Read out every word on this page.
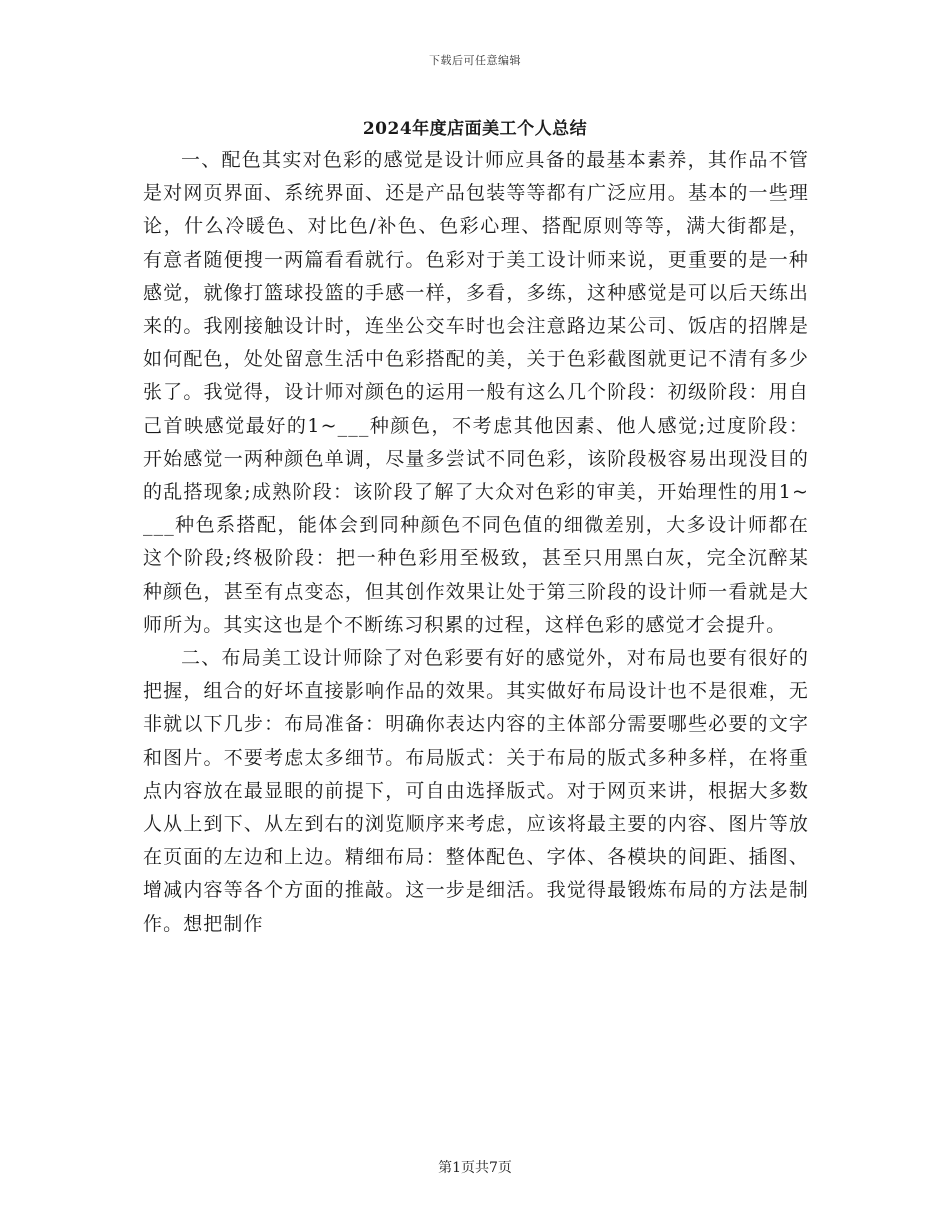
下载后可任意编辑
2024年度店面美工个人总结

一、配色其实对色彩的感觉是设计师应具备的最基本素养，其作品不管是对网页界面、系统界面、还是产品包装等等都有广泛应用。基本的一些理论，什么冷暖色、对比色/补色、色彩心理、搭配原则等等，满大街都是，有意者随便搜一两篇看看就行。色彩对于美工设计师来说，更重要的是一种感觉，就像打篮球投篮的手感一样，多看，多练，这种感觉是可以后天练出来的。我刚接触设计时，连坐公交车时也会注意路边某公司、饭店的招牌是如何配色，处处留意生活中色彩搭配的美，关于色彩截图就更记不清有多少张了。我觉得，设计师对颜色的运用一般有这么几个阶段：初级阶段：用自己首映感觉最好的1~___种颜色，不考虑其他因素、他人感觉;过度阶段：开始感觉一两种颜色单调，尽量多尝试不同色彩，该阶段极容易出现没目的的乱搭现象;成熟阶段：该阶段了解了大众对色彩的审美，开始理性的用1~___种色系搭配，能体会到同种颜色不同色值的细微差别，大多设计师都在这个阶段;终极阶段：把一种色彩用至极致，甚至只用黑白灰，完全沉醉某种颜色，甚至有点变态，但其创作效果让处于第三阶段的设计师一看就是大师所为。其实这也是个不断练习积累的过程，这样色彩的感觉才会提升。

二、布局美工设计师除了对色彩要有好的感觉外，对布局也要有很好的把握，组合的好坏直接影响作品的效果。其实做好布局设计也不是很难，无非就以下几步：布局准备：明确你表达内容的主体部分需要哪些必要的文字和图片。不要考虑太多细节。布局版式：关于布局的版式多种多样，在将重点内容放在最显眼的前提下，可自由选择版式。对于网页来讲，根据大多数人从上到下、从左到右的浏览顺序来考虑，应该将最主要的内容、图片等放在页面的左边和上边。精细布局：整体配色、字体、各模块的间距、插图、增减内容等各个方面的推敲。这一步是细活。我觉得最锻炼布局的方法是制作。想把制作

第1页共7页
